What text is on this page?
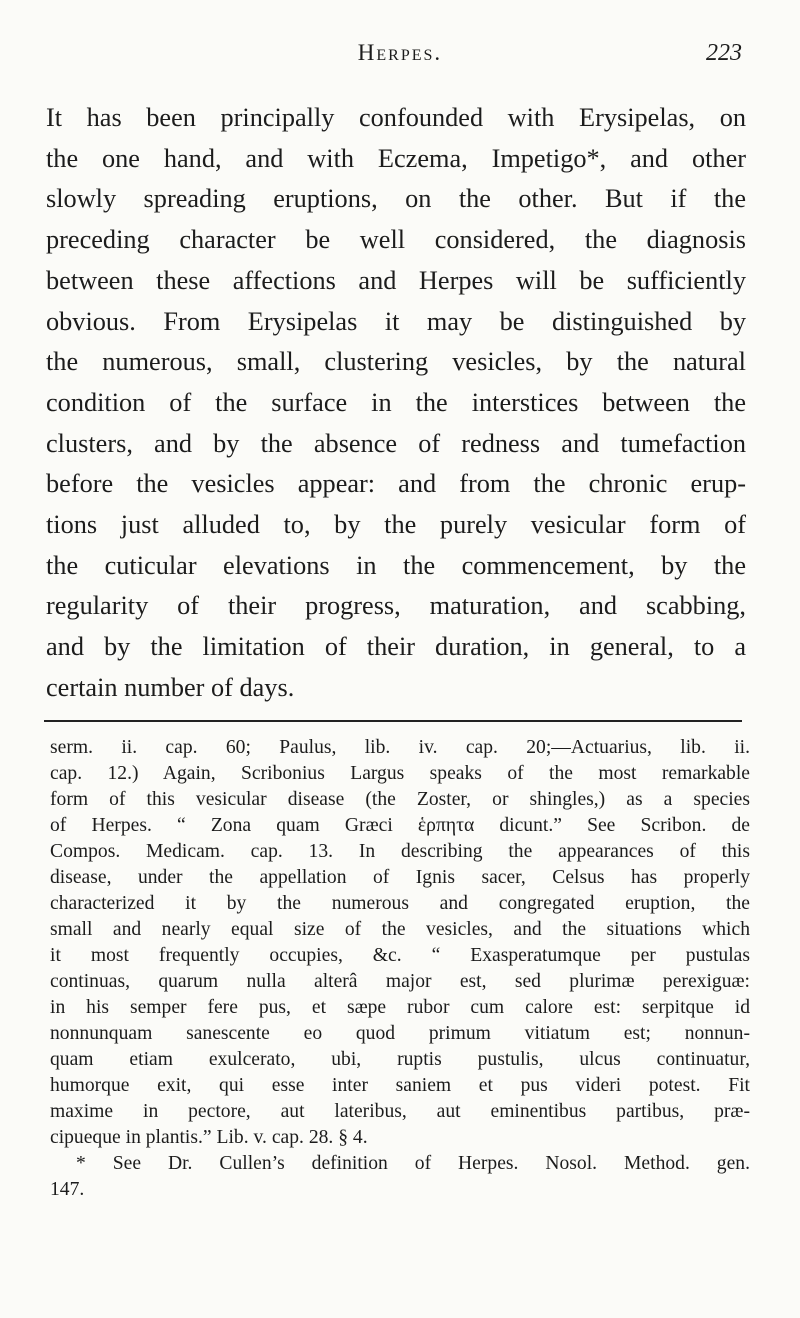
Herpes.	223
It has been principally confounded with Erysipelas, on
the one hand, and with Eczema, Impetigo*, and other
slowly spreading eruptions, on the other. But if the
preceding character be well considered, the diagnosis
between these affections and Herpes will be sufficiently
obvious. From Erysipelas it may be distinguished by
the numerous, small, clustering vesicles, by the natural
condition of the surface in the interstices between the
clusters, and by the absence of redness and tumefaction
before the vesicles appear: and from the chronic erup-
tions just alluded to, by the purely vesicular form of
the cuticular elevations in the commencement, by the
regularity of their progress, maturation, and scabbing,
and by the limitation of their duration, in general, to a
certain number of days.
serm. ii. cap. 60; Paulus, lib. iv. cap. 20;—Actuarius, lib. ii.
cap. 12.) Again, Scribonius Largus speaks of the most remarkable
form of this vesicular disease (the Zoster, or shingles,) as a species
of Herpes. “ Zona quam Græci ἑρπητα dicunt.” See Scribon. de
Compos. Medicam. cap. 13. In describing the appearances of this
disease, under the appellation of Ignis sacer, Celsus has properly
characterized it by the numerous and congregated eruption, the
small and nearly equal size of the vesicles, and the situations which
it most frequently occupies, &c. “ Exasperatumque per pustulas
continuas, quarum nulla alterâ major est, sed plurimæ perexiguæ:
in his semper fere pus, et sæpe rubor cum calore est: serpitque id
nonnunquam sanescente eo quod primum vitiatum est; nonnun-
quam etiam exulcerato, ubi, ruptis pustulis, ulcus continuatur,
humorque exit, qui esse inter saniem et pus videri potest. Fit
maxime in pectore, aut lateribus, aut eminentibus partibus, præ-
cipueque in plantis.” Lib. v. cap. 28. § 4.
* See Dr. Cullen’s definition of Herpes. Nosol. Method. gen.
147.
